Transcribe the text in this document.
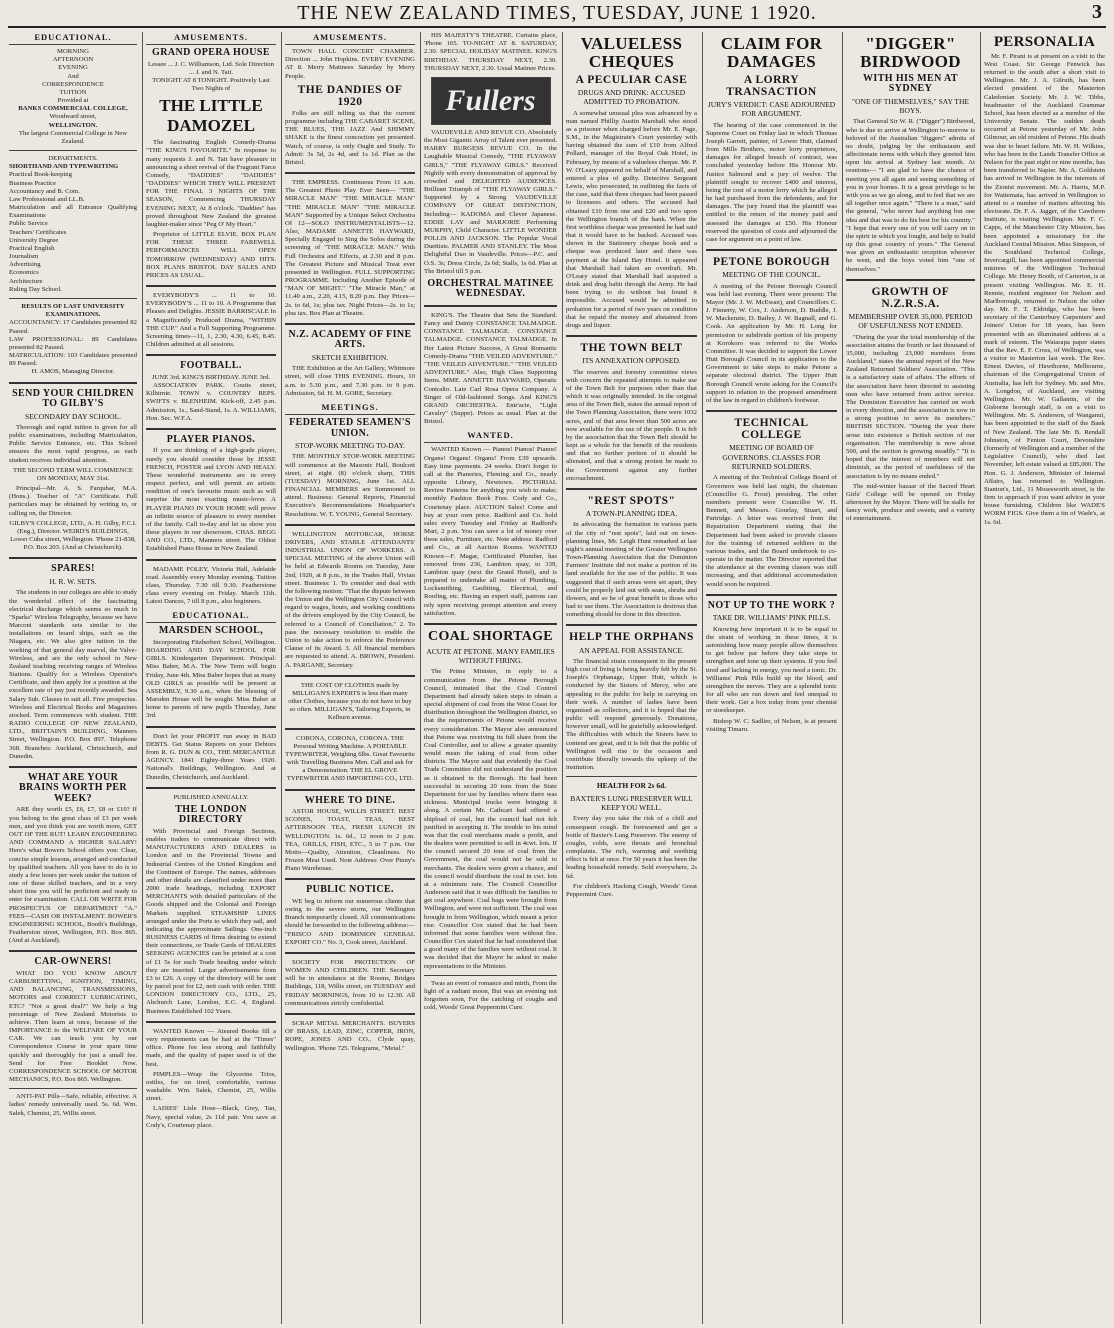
THE NEW ZEALAND TIMES, TUESDAY, JUNE 1 1920.	3
EDUCATIONAL.
MORNING
AFTERNOON
EVENING
And
CORRESPONDENCE
TUITION
Provided at
BANKS COMMERCIAL COLLEGE,
Woodward street,
WELLINGTON.
The largest Commercial College in New Zealand.
DEPARTMENTS.
SHORTHAND AND TYPEWRITING
Practical Book-keeping
Business Practice
Accountancy and B. Com.
Law Professional and LL.B.
Matriculation and all Entrance Qualifying Examinations
Public Service
Teachers' Certificates
University Degree
Practical English
Journalism
Advertising
Economics
Architecture
Ruling Day School.
RESULTS OF LAST UNIVERSITY EXAMINATIONS.
ACCOUNTANCY: 17 Candidates presented 82 Passed.
LAW PROFESSIONAL: 89 Candidates presented 82 Passed.
MATRICULATION: 103 Candidates presented 89 Passed.
H. AMOS, Managing Director.
SEND YOUR CHILDREN TO GILBY'S
SECONDARY DAY SCHOOL.

Thorough and rapid tuition is given for all public examinations, including Matriculation, Public Service Entrance, etc. This School ensures the most rapid progress, as each student receives individual attention.

THE SECOND TERM WILL COMMENCE ON MONDAY, MAY 31st.

Principal—Mr. A. S. Farquhar, M.A. (Hons.). Teacher of "A" Certificate. Full particulars may be obtained by writing to, or calling on, the Director.

GILBY'S COLLEGE, LTD., A. H. Gilby, F.C.I. (Eng.), Director. WEIRD'S BUILDINGS, Lower Cuba street, Wellington. 'Phone 21-838, P.O. Box 203. (And at Christchurch).

SPARES!
H. R. W. SETS.

The students in our colleges are able to study the wonderful effect of the fascinating electrical discharge which seems so much in "Sparks" Wireless Telegraphy, because we have Marconi standards sets similar to the installations on board ships, such as the Niagara, etc. We also give tuition in the working of that general day marvel, the Valve-Wireless, and are the only school in New Zealand teaching receiving ranges of Wireless Stations. Qualify for a Wireless Operator's Certificate, and then apply for a position at the excellent rate of pay just recently awarded. Sea Salary Sub. Classes to suit all. Free prospectus. Wireless and Electrical Books and Magazines stocked. Term commences with student. THE RADIO COLLEGE OF NEW ZEALAND, LTD., BRITTAIN'S BUILDING, Manners Street, Wellington. P.O. Box 897. Telephone 368. Branches: Auckland, Christchurch, and Dunedin.

WHAT ARE YOUR BRAINS WORTH PER WEEK?

ARE they worth £5, £6, £7, £8 or £10? If you belong to the great class of £3 per week men, and you think you are worth more, GET OUT OF THE RUT! LEARN ENGINEERING AND COMMAND A HIGHER SALARY! Here's what Bowers School offers you: Clear, concise simple lessons, arranged and conducted by qualified teachers. All you have to do is to study a few hours per week under the tuition of one of these skilled teachers, and in a very short time you will be proficient and ready to enter for examination. CALL OR WRITE FOR PROSPECTUS OF DEPARTMENT "A." FEES—CASH OR INSTALMENT. BOWER'S ENGINEERING SCHOOL, Booth's Buildings, Featherston street, Wellington, P.O. Box 865. (And at Auckland).

CAR-OWNERS!

WHAT DO YOU KNOW ABOUT CARBURETTING, IGNITION, TIMING, AND BALANCING, TRANSMISSIONS, MOTORS and CORRECT LUBRICATING, ETC? "Not a great deal?" We help a big percentage of New Zealand Motorists to achieve. Then learn at once, because of the IMPORTANCE to the WELFARE OF YOUR CAR. We can teach you by our Correspondence Course in your spare time quickly and thoroughly for just a small fee. Send for Free Booklet Now. CORRESPONDENCE SCHOOL OF MOTOR MECHANICS, P.O. Box 865. Wellington.

ANTI-PAT Pills—Safe, reliable, effective. A ladies' remedy universally used. 5s. 6d. Wm. Salek, Chemist, 25, Willis street.

AMUSEMENTS.
GRAND OPERA HOUSE
Lessee ... J. C. Williamson, Ltd. Sole Direction ... J. and N. Tait.
TONIGHT AT 8 TONIGHT. Positively Last Two Nights of
THE LITTLE DAMOZEL

The fascinating English Comedy-Drama "THE KING'S FAVOURITE." In response to many requests J. and N. Tait have pleasure in announcing a short revival of the Fragrant Farce Comedy, "DADDIES" "DADDIES" "DADDIES" WHICH THEY WILL PRESENT FOR THE FINAL 3 NIGHTS OF THE SEASON, Commencing THURSDAY EVENING NEXT, At 8 o'clock. "Daddies" has proved throughout New Zealand the greatest laughter-maker since "Peg O' My Heart."

Proprietor of LITTLE ELVIE. BOX PLAN FOR THESE THREE FAREWELL PERFORMANCES WILL OPEN TOMORROW (WEDNESDAY) AND HITS. BOX PLANS BRISTOL DAY SALES AND PRICES AS USUAL.

EVERYBODY'S ... 11 to 10. EVERYBODY'S ... 11 to 10. A Programme that Pleases and Delights. JESSIE BARRISCALE In a Magnificently Produced Drama, "WITHIN THE CUP." And a Full Supporting Programme. Screening times—11, 1, 2.30, 4.30, 6.45, 8.45. Children admitted at all sessions.

FOOTBALL.
JUNE 3rd. KING'S BIRTHDAY. JUNE 3rd.

ASSOCIATION PARK. Coutts street, Kilbirnie. TOWN v. COUNTRY REPS. SWIFTS v. BLENHEIM. Kick-off, 2.45 p.m. Admission, 1s., Sand-Stand, 1s. A. WILLIAMS, Hon. Sec. W.F.A.

PLAYER PIANOS.

If you are thinking of a high-grade player, surely you should consider those by JESSE FRENCH, FOSTER and LYON AND HEALY. These wonderful instruments are in every respect perfect, and will permit an artistic rendition of one's favourite music such as will surprise the most exacting music-lover. A PLAYER PIANO IN YOUR HOME will prove an infinite source of pleasure to every member of the family. Call to-day and let us show you these players in our showroom. CHAS. BEGG AND CO., LTD., Manners street. The Oldest Established Piano House in New Zealand.

MADAME FOLEY, Victoria Hall, Adelaide road. Assembly every Monday evening. Tuition class, Thursday. 7.30 till 9.30. Featherstone class every evening on Friday. March 11th. Latest Dances, 7 till 8 p.m., also beginners.

EDUCATIONAL.
MARSDEN SCHOOL,

Incorporating Fitzherbert School, Wellington. BOARDING AND DAY SCHOOL FOR GIRLS. Kindergarten Department. Principal: Miss Baber, M.A. The New Term will begin Friday, June 4th. Miss Baber hopes that as many OLD GIRLS as possible will be present at ASSEMBLY, 9.30 a.m., when the blessing of Marsden House will be sought. Miss Baber at home to parents of new pupils Thursday, June 3rd.

Don't let your PROFIT run away in BAD DEBTS. Get Status Reports on your Debtors from R. G. DUN & CO., THE MERCANTILE AGENCY. 1841 Eighty-three Years 1920. National's Buildings, Wellington. And at Dunedin, Christchurch, and Auckland.

PUBLISHED ANNUALLY.
THE LONDON DIRECTORY

With Provincial and Foreign Sections, enables traders to communicate direct with MANUFACTURERS AND DEALERS in London and in the Provincial Towns and Industrial Centres of the United Kingdom and the Continent of Europe. The names, addresses and other details are classified under more than 2000 trade headings, including EXPORT MERCHANTS with detailed particulars of the Goods shipped and the Colonial and Foreign Markets supplied. STEAMSHIP LINES arranged under the Ports to which they sail, and indicating the approximate Sailings. One-inch BUSINESS CARDS of firms desiring to extend their connections, or Trade Cards of DEALERS SEEKING AGENCIES can be printed at a cost of £1 5s for each Trade heading under which they are inserted. Larger advertisements from £3 to £26. A copy of the directory will be sent by parcel post for £2, nett cash with order. THE LONDON DIRECTORY CO., LTD., 25, Abchurch Lane, London, E.C. 4, England. Business Established 102 Years.

WANTED Known — Ateared Books fill a very requirements can be had at the "Times" office. Phone fee less strong and faithfully made, and the quality of paper used is of the best.

PIMPLES—Wrap the Glycerine Trios, ostiles, for on tired, comfortable, various washable. Wm. Salek, Chemist, 25, Willis street.

LADIES' Lisle Hose—Black, Grey, Tan, Navy, special value, 2s 11d pair. You save at Cody's, Courtenay place.

AMUSEMENTS.

TOWN HALL CONCERT CHAMBER. Direction ... John Hopkins. EVERY EVENING AT 8. Merry Matinees Saturday by Merry People.

THE DANDIES OF 1920

Folks are still telling us that the current programme including THE CABARET SCENE, THE BLUES, THE JAZZ And SHIMMY SHAKE is the finest concoction yet presented. Watch, of course, is only Ought and Study. To Admit: 3s 5d, 2s 4d, and 1s 1d. Plan as the Bristol.

THE EMPRESS. Continuous From 11 a.m. The Greatest Photo Play Ever Seen— "THE MIRACLE MAN" "THE MIRACLE MAN" "THE MIRACLE MAN" "THE MIRACLE MAN" Supported by a Unique Select Orchestra Of 12—SOLO INSTRUMENTALISTS—12. Also, MADAME ANNETTE HAYWARD, Specially Engaged to Sing the Solos during the screening of "THE MIRACLE MAN." With Full Orchestra and Effects, at 2.30 and 8 p.m. The Greatest Picture and Musical Treat ever presented in Wellington. FULL SUPPORTING PROGRAMME. Including Another Episode of "MAN OF MIGHT." "The Miracle Man," at 11.40 a.m., 2.20, 4.15, 8.20 p.m. Day Prices—2s. to 6d, 1s; plus tax. Night Prices—2s. to 1s; plus tax. Box Plan at Theatre.

N.Z. ACADEMY OF FINE ARTS.
SKETCH EXHIBITION.

THE Exhibition at the Art Gallery, Whitmore street, will close THIS EVENING. Hours, 10 a.m. to 5.30 p.m., and 7.30 p.m. to 9 p.m. Admission, 6d. H. M. GORE, Secretary.

MEETINGS.
FEDERATED SEAMEN'S UNION.
STOP-WORK MEETING TO-DAY.

THE MONTHLY STOP-WORK MEETING will commence at the Masonic Hall, Boulcott street, at eight (8) o'clock sharp, THIS (TUESDAY) MORNING, June 1st. ALL FINANCIAL MEMBERS are Summoned to attend. Business: General Reports, Financial Executive's Recommendations Headquarter's Resolutions. W. T. YOUNG, General Secretary.

WELLINGTON MOTORCAR, HORSE DRIVERS, AND STABLE ATTENDANTS' INDUSTRIAL UNION OF WORKERS. A SPECIAL MEETING of the above Union will be held at Edwards Rooms on Tuesday, June 2nd, 1920, at 8 p.m., in the Trades Hall, Vivian street. Business: 1. To consider and deal with the following motion: "That the dispute between the Union and the Wellington City Council with regard to wages, hours, and working conditions of the drivers employed by the City Council, be referred to a Council of Conciliation." 2. To pass the necessary resolution to enable the Union to take action to enforce the Preference Clause of its Award. 3. All financial members are requested to attend. A. BROWN, President. A. PARGANE, Secretary.

THE COST OF CLOTHES made by MILLIGAN'S EXPERTS is less than many other Clothes, because you do not have to buy so often. MILLIGAN'S, Tailoring Experts, in Kelburn avenue.

CORONA, CORONA, CORONA. THE Personal Writing Machine. A PORTABLE TYPEWRITER, Weighing 6lbs. Great Favourite with Travelling Business Men. Call and ask for a Demonstration. THE EL GROVE TYPEWRITER AND IMPORTING CO., LTD.

WHERE TO DINE.

ASTOR HOUSE, WILLIS STREET. BEST SCONES, TOAST, TEAS, BEST AFTERNOON TEA, FRESH LUNCH IN WELLINGTON. 1s. 6d., 12 noon to 2 p.m. TEA, GRILLS, FISH, ETC., 5 to 7 p.m. Our Motto—Quality, Attention, Cleanliness. No Frozen Meat Used. Note Address: Over Pinny's Piano Warehouse.

PUBLIC NOTICE.

WE beg to inform our numerous clients that owing to the severe storm, our Wellington Branch temporarily closed. All communications should be forwarded to the following address:— "FRISCO AND DOMINION GENERAL EXPORT CO." No. 3, Cook street, Auckland.

SOCIETY FOR PROTECTION OF WOMEN AND CHILDREN. THE Secretary will be in attendance at the Rooms, Bridges Buildings, 118, Willis street, on TUESDAY and FRIDAY MORNINGS, from 10 to 12.30. All communications strictly confidential.

SCRAP METAL MERCHANTS. BUYERS OF BRASS, LEAD, ZINC, COPPER, IRON, ROPE, JONES AND CO., Clyde quay, Wellington. 'Phone 725. Telegrams, "Metal."

HIS MAJESTY'S THEATRE. Curtains place, 'Phone 165. TO-NIGHT AT 8. SATURDAY, 2.30. SPECIAL HOLIDAY MATINEE. KING'S BIRTHDAY. THURSDAY NEXT, 2.30. THURSDAY NEXT, 2.30. Usual Matinee Prices.

Fullers

VAUDEVILLE AND REVUE CO. Absolutely the Most Gigantic Array of Talent ever presented. HARRY BURGESS REVUE CO. In the Laughable Musical Comedy, "THE FLYAWAY GIRLS," "THE FLYAWAY GIRLS." Received Nightly with every demonstration of approval by crowded and DELIGHTED AUDIENCES. Brilliant Triumph of "THE FLYAWAY GIRLS." Supported by a Strong VAUDEVILLE COMPANY OF GREAT DISTINCTION, Including— KADOMA and Clever Japanese. EDDIE LAY and MARJORIE Performing MURPHY, Child Character. LITTLE WONDER POLLIS AND JACKSON. The Popular Vocal Duettists. PALMER AND STANLEY. The Most Delightful Duo in Vaudeville. Prices—P.C. and O.S. 3s; Dress Circle, 2s 6d; Stalls, 1s 6d. Plan at The Bristol till 5 p.m.

ORCHESTRAL MATINEE WEDNESDAY.

KING'S. The Theatre that Sets the Standard. Fancy and Dainty CONSTANCE TALMADGE. CONSTANCE TALMADGE. CONSTANCE TALMADGE. CONSTANCE TALMADGE. In Her Latest Picture Success, A Great Romantic Comedy-Drama "THE VEILED ADVENTURE." "THE VEILED ADVENTURE." "THE VEILED ADVENTURE." Also, High Class Supporting Items. MME. ANNETTE HAYWARD, Operatic Contralto. Late Carl Rosa Opera Company. A Singer of Old-fashioned Songs. And KING'S GRAND ORCHESTRA. Entr'acte, "Light Cavalry" (Suppe). Prices as usual. Plan at the Bristol.

WANTED.

WANTED Known — Pianos! Pianos! Pianos! Organs! Organs! Organs! From £39 upwards. Easy time payments. 24 weeks. Don't forget to call at the Pianeries, Fleming and Co., nearly opposite Library, Newtown. PICTORIAL Review Patterns for anything you wish to make; monthly Fashion Book Free. Cody and Co., Courtenay place. AUCTION Sales! Come and buy at your own price. Radford and Co. hold sales every Tuesday and Friday at Radford's Mart, 2 p.m. You can save a lot of money over these sales, Furniture, etc. Note address: Radford and Co., at all Auction Rooms. WANTED Known—F. Magar, Certificated Plumber, has removed from 236, Lambton quay, to 339, Lambton quay (next the Grand Hotel), and is prepared to undertake all matter of Plumbing, Locksmithing, Gasfitting, Electrical, and Roofing, etc. Having an expert staff, patrons can rely upon receiving prompt attention and every satisfaction.

COAL SHORTAGE
ACUTE AT PETONE. MANY FAMILIES WITHOUT FIRING.

The Prime Minister, in reply to a communication from the Petone Borough Council, intimated that the Coal Control Department had already taken steps to obtain a special shipment of coal from the West Coast for distribution throughout the Wellington district, so that the requirements of Petone would receive every consideration. The Mayor also announced that Petone was receiving its full share from the Coal Controller, and to allow a greater quantity would mean the taking of coal from other districts. The Mayor said that evidently the Coal Trade Committee did not understand the position as it obtained in the Borough. He had been successful in securing 20 tons from the State Department for use by families where there was sickness. Municipal trucks were bringing it along. A certain Mr. Cathcart had offered a shipload of coal, but the council had not felt justified in accepting it. The trouble to his mind was that the coal merchants made a profit, and the dealers were permitted to sell in 4cwt. lots. If the council secured 20 tons of coal from the Government, the coal would not be sold to merchants. The dealers were given a chance, and the council would distribute the coal in cwt. lots at a minimum rate. The Council Councillor Anderson said that it was difficult for families to get coal anywhere. Coal bags were brought from Wellington, and were not sufficient. The coal was brought in from Wellington, which meant a price rise. Councillor Cox stated that he had been informed that some families were without fire. Councillor Cox stated that he had considered that a good many of the families were without coal. It was decided that the Mayor be asked to make representations to the Minister.

Twas an event of romance and mirth, From the light of a radiant moon, But was an evening not forgotten soon, For the catching of coughs and cold, Woods' Great Peppermint Cure.

VALUELESS CHEQUES
A PECULIAR CASE
DRUGS AND DRINK: ACCUSED ADMITTED TO PROBATION.

A somewhat unusual plea was advanced by a man named Phillip Austin Marshall who stood as a prisoner when charged before Mr. E. Page, S.M., in the Magistrate's Court yesterday with having obtained the sum of £10 from Alfred Pollard, manager of the Royal Oak Hotel, in February, by means of a valueless cheque. Mr. P. W. O'Leary appeared on behalf of Marshall, and entered a plea of guilty. Detective Sergeant Lewis, who prosecuted, in outlining the facts of the case, said that three cheques had been passed to licensees and others. The accused had obtained £10 from one and £20 and two upon the Wellington branch of the bank. When the first worthless cheque was presented he had said that it would have to be backed. Accused was shown in the Stationery cheque book and a cheque was produced later and there was payment at the Island Bay Hotel. It appeared that Marshall had taken an overdraft. Mr. O'Leary stated that Marshall had acquired a drink and drug habit through the Army. He had been trying to do without but found it impossible. Accused would be admitted to probation for a period of two years on condition that he repaid the money and abstained from drugs and liquor.

THE TOWN BELT
ITS ANNEXATION OPPOSED.

The reserves and forestry committee views with concern the repeated attempts to make use of the Town Belt for purposes other than that which it was originally intended. In the original area of the Town Belt, states the annual report of the Town Planning Association, there were 1032 acres, and of that area fewer than 500 acres are now available for the use of the people. It is felt by the association that the Town Belt should be kept as a whole for the benefit of the residents and that no further portion of it should be alienated, and that a strong protest be made to the Government against any further encroachment.

"REST SPOTS"
A TOWN-PLANNING IDEA.

In advocating the formation in various parts of the city of "rest spots", laid out on town-planning lines, Mr. Leigh Hunt remarked at last night's annual meeting of the Greater Wellington Town-Planning Association that the Dominion Farmers' Institute did not make a portion of its land available for the use of the public. It was suggested that if such areas were set apart, they could be properly laid out with seats, shrubs and flowers, and so be of great benefit to those who had to use them. The Association is desirous that something should be done in this direction.

HELP THE ORPHANS
AN APPEAL FOR ASSISTANCE.

The financial strain consequent to the present high cost of living is being heavily felt by the St. Joseph's Orphanage, Upper Hutt, which is conducted by the Sisters of Mercy, who are appealing to the public for help in carrying on their work. A number of ladies have been organised as collectors, and it is hoped that the public will respond generously. Donations, however small, will be gratefully acknowledged. The difficulties with which the Sisters have to contend are great, and it is felt that the public of Wellington will rise to the occasion and contribute liberally towards the upkeep of the institution.

HEALTH FOR 2s 6d.
BAXTER'S LUNG PRESERVER WILL KEEP YOU WELL.

Every day you take the risk of a chill and consequent cough. Be forewarned and get a bottle of Baxter's Lung Preserver. The enemy of coughs, colds, sore throats and bronchial complaints. The rich, warming and soothing effect is felt at once. For 50 years it has been the leading household remedy. Sold everywhere, 2s 6d.

For children's Hacking Cough, Woods' Great Peppermint Cure.

CLAIM FOR DAMAGES
A LORRY TRANSACTION
JURY'S VERDICT: CASE ADJOURNED FOR ARGUMENT.

The hearing of the case commenced in the Supreme Court on Friday last in which Thomas Joseph Garrett, painter, of Lower Hutt, claimed from Mills Brothers, motor lorry proprietors, damages for alleged breach of contract, was concluded yesterday before His Honour Mr. Justice Salmond and a jury of twelve. The plaintiff sought to recover £400 and interest, being the cost of a motor lorry which he alleged he had purchased from the defendants, and for damages. The jury found that the plaintiff was entitled to the return of the money paid and assessed the damages at £50. His Honour reserved the question of costs and adjourned the case for argument on a point of law.

PETONE BOROUGH
MEETING OF THE COUNCIL.

A meeting of the Petone Borough Council was held last evening. There were present: The Mayor (Mr. J. W. McEwan), and Councillors C. J. Finnerty, W. Cox, J. Anderson, D. Buddle, J. W. Mackenzie, D. Bailey, J. W. Bagnall, and G. Cook. An application by Mr. H. Long for permission to subdivide portion of his property at Korokoro was referred to the Works Committee. It was decided to support the Lower Hutt Borough Council in its application to the Government to take steps to make Petone a separate electoral district. The Upper Hutt Borough Council wrote asking for the Council's support in relation to the proposed amendment of the law in regard to children's footwear.

TECHNICAL COLLEGE
MEETING OF BOARD OF GOVERNORS. CLASSES FOR RETURNED SOLDIERS.

A meeting of the Technical College Board of Governors was held last night, the chairman (Councillor G. Frost) presiding. The other members present were Councillor W. H. Bennett, and Messrs. Gourlay, Stuart, and Partridge. A letter was received from the Repatriation Department stating that the Department had been asked to provide classes for the training of returned soldiers in the various trades, and the Board undertook to co-operate in the matter. The Director reported that the attendance at the evening classes was still increasing, and that additional accommodation would soon be required.

NOT UP TO THE WORK ?
TAKE DR. WILLIAMS' PINK PILLS.

Knowing how important it is to be equal to the strain of working in these times, it is astonishing how many people allow themselves to get below par before they take steps to strengthen and tone up their systems. If you feel tired and lacking in energy, you need a tonic. Dr. Williams' Pink Pills build up the blood, and strengthen the nerves. They are a splendid tonic for all who are run down and feel unequal to their work. Get a box today from your chemist or storekeeper.

Bishop W. C. Sadlier, of Nelson, is at present visiting Timaru.

"DIGGER" BIRDWOOD
WITH HIS MEN AT SYDNEY
"ONE OF THEMSELVES," SAY THE BOYS.

That General Sir W. R. ("Digger") Birdwood, who is due to arrive at Wellington to-morrow is beloved of the Australian "diggers" admits of no doubt, judging by the enthusiasm and affectionate terms with which they greeted him upon his arrival at Sydney last month. At reunions— "I am glad to have the chance of meeting you all again and seeing something of you in your homes. It is a great privilege to be with you as we go along, and to feel that we are all together once again." "There is a man," said the general, "who never had anything but one idea and that was to do his best for his country." "I hope that every one of you will carry on in the spirit in which you fought, and help to build up this great country of yours." The General was given an enthusiastic reception wherever he went, and the boys voted him "one of themselves."

GROWTH OF N.Z.R.S.A.
MEMBERSHIP OVER 35,000. PERIOD OF USEFULNESS NOT ENDED.

"During the year the total membership of the association attains the fourth or last thousand of 35,000, including 23,000 members from Auckland," states the annual report of the New Zealand Returned Soldiers' Association. "This is a satisfactory state of affairs. The efforts of the association have been directed to assisting men who have returned from active service. The Dominion Executive has carried on work in every direction, and the association is now in a strong position to serve its members." BRITISH SECTION. "During the year there arose into existence a British section of our organisation. The membership is now about 500, and the section is growing steadily." "It is hoped that the interest of members will not diminish, as the period of usefulness of the association is by no means ended."

The mid-winter bazaar of the Sacred Heart Girls' College will be opened on Friday afternoon by the Mayor. There will be stalls for fancy work, produce and sweets, and a variety of entertainment.

PERSONALIA

Mr. F. Pirani is at present on a visit to the West Coast. Sir George Fenwick has returned to the south after a short visit to Wellington. Mr. J. A. Gilruth, has been elected president of the Masterton Caledonian Society. Mr. J. W. Tibbs, headmaster of the Auckland Grammar School, has been elected as a member of the University Senate. The sudden death occurred at Petone yesterday of Mr. John Gilmour, an old resident of Petone. His death was due to heart failure. Mr. W. H. Wilkins, who has been in the Lands Transfer Office at Nelson for the past eight or nine months, has been transferred to Napier. Mr. A. Goldstein has arrived in Wellington in the interests of the Zionist movement. Mr. A. Harris, M.P. for Waitemata, has arrived in Wellington to attend to a number of matters affecting his electorate. Dr. F. A. Jagger, of the Cawthron Institute, is visiting Wellington. Mr. F. C. Capps, of the Manchester City Mission, has been appointed a missionary for the Auckland Central Mission. Miss Simpson, of the Southland Technical College, Invercargill, has been appointed commercial mistress of the Wellington Technical College. Mr. Henry Booth, of Carterton, is at present visiting Wellington. Mr. E. H. Rennie, resident engineer for Nelson and Marlborough, returned to Nelson the other day. Mr. F. T. Eldridge, who has been secretary of the Canterbury Carpenters' and Joiners' Union for 18 years, has been presented with an illuminated address at a mark of esteem. The Waiarapa paper states that the Rev. E. F. Cross, of Wellington, was a visitor to Masterton last week. The Rev. Ernest Davies, of Hawthorne, Melbourne, chairman of the Congregational Union of Australia, has left for Sydney. Mr. and Mrs. A. Longdon, of Auckland, are visiting Wellington. Mr. W. Gallantin, of the Gisborne borough staff, is on a visit to Wellington. Mr. S. Anderson, of Wanganui, has been appointed to the staff of the Bank of New Zealand. The late Mr. B. Rendall Johnston, of Fenton Court, Devonshire (formerly of Wellington and a member of the Legislative Council), who died last November, left estate valued at £85,000. The Hon. G. J. Anderson, Minister of Internal Affairs, has returned to Wellington. Stanton's, Ltd., 11 Mosesworth street, is the firm to approach if you want advice in your house furnishing. Children like WADE'S WORM FIGS. Give them a tin of Wade's, at 1s. 6d.
